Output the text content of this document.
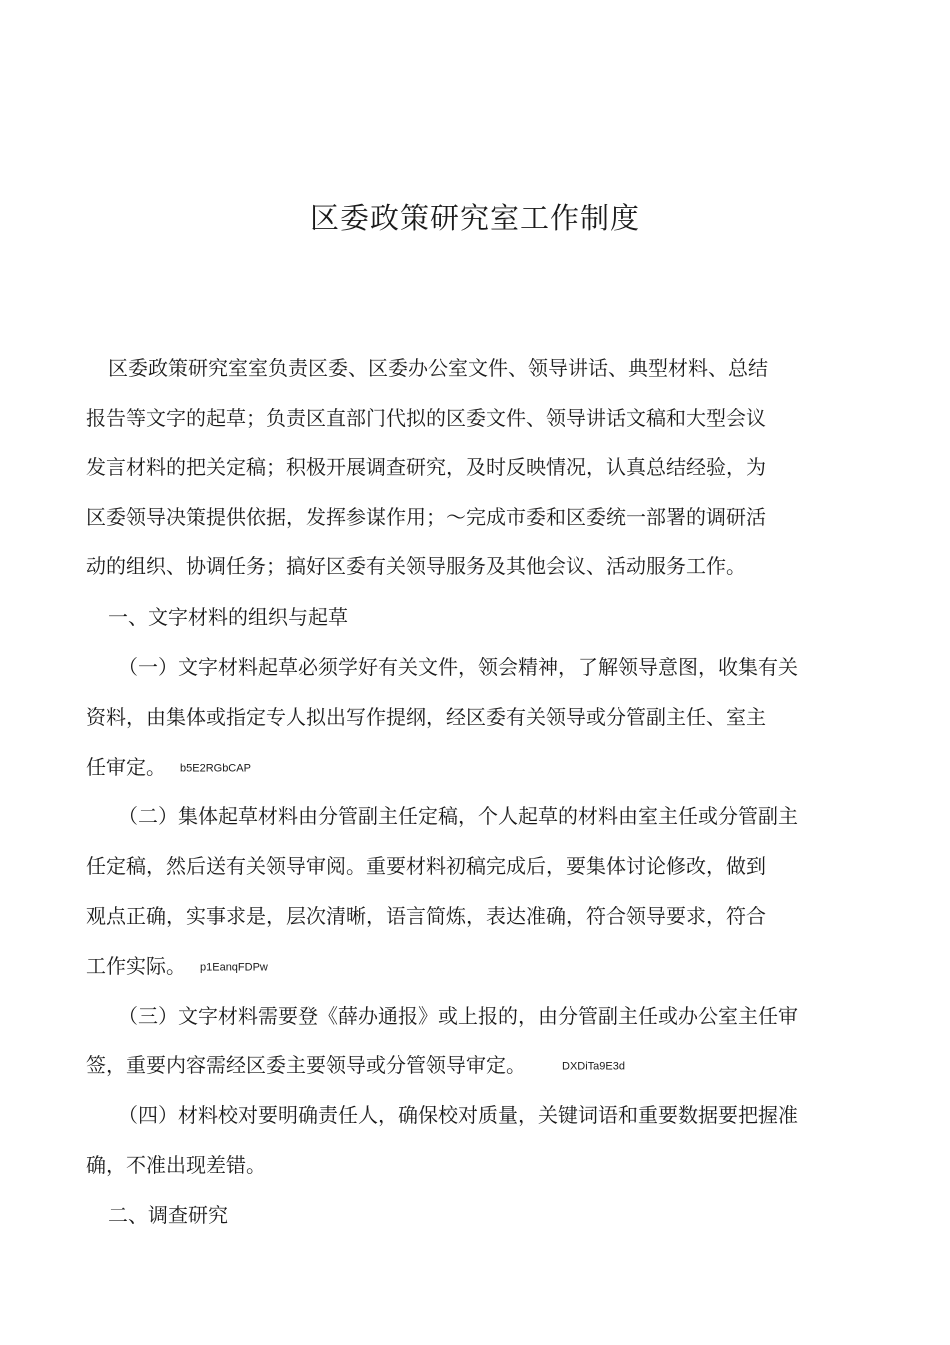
区委政策研究室工作制度
区委政策研究室室负责区委、区委办公室文件、领导讲话、典型材料、总结
报告等文字的起草；负责区直部门代拟的区委文件、领导讲话文稿和大型会议
发言材料的把关定稿；积极开展调查研究，及时反映情况，认真总结经验，为
区委领导决策提供依据，发挥参谋作用；～完成市委和区委统一部署的调研活
动的组织、协调任务；搞好区委有关领导服务及其他会议、活动服务工作。
一、文字材料的组织与起草
（一）文字材料起草必须学好有关文件，领会精神，了解领导意图，收集有关
资料，由集体或指定专人拟出写作提纲，经区委有关领导或分管副主任、室主
任审定。 b5E2RGbCAP
（二）集体起草材料由分管副主任定稿，个人起草的材料由室主任或分管副主
任定稿，然后送有关领导审阅。重要材料初稿完成后，要集体讨论修改，做到
观点正确，实事求是，层次清晰，语言简炼，表达准确，符合领导要求，符合
工作实际。 p1EanqFDPw
（三）文字材料需要登《薛办通报》或上报的，由分管副主任或办公室主任审
签，重要内容需经区委主要领导或分管领导审定。	DXDiTa9E3d
（四）材料校对要明确责任人，确保校对质量，关键词语和重要数据要把握准
确，不准出现差错。
二、调查研究
